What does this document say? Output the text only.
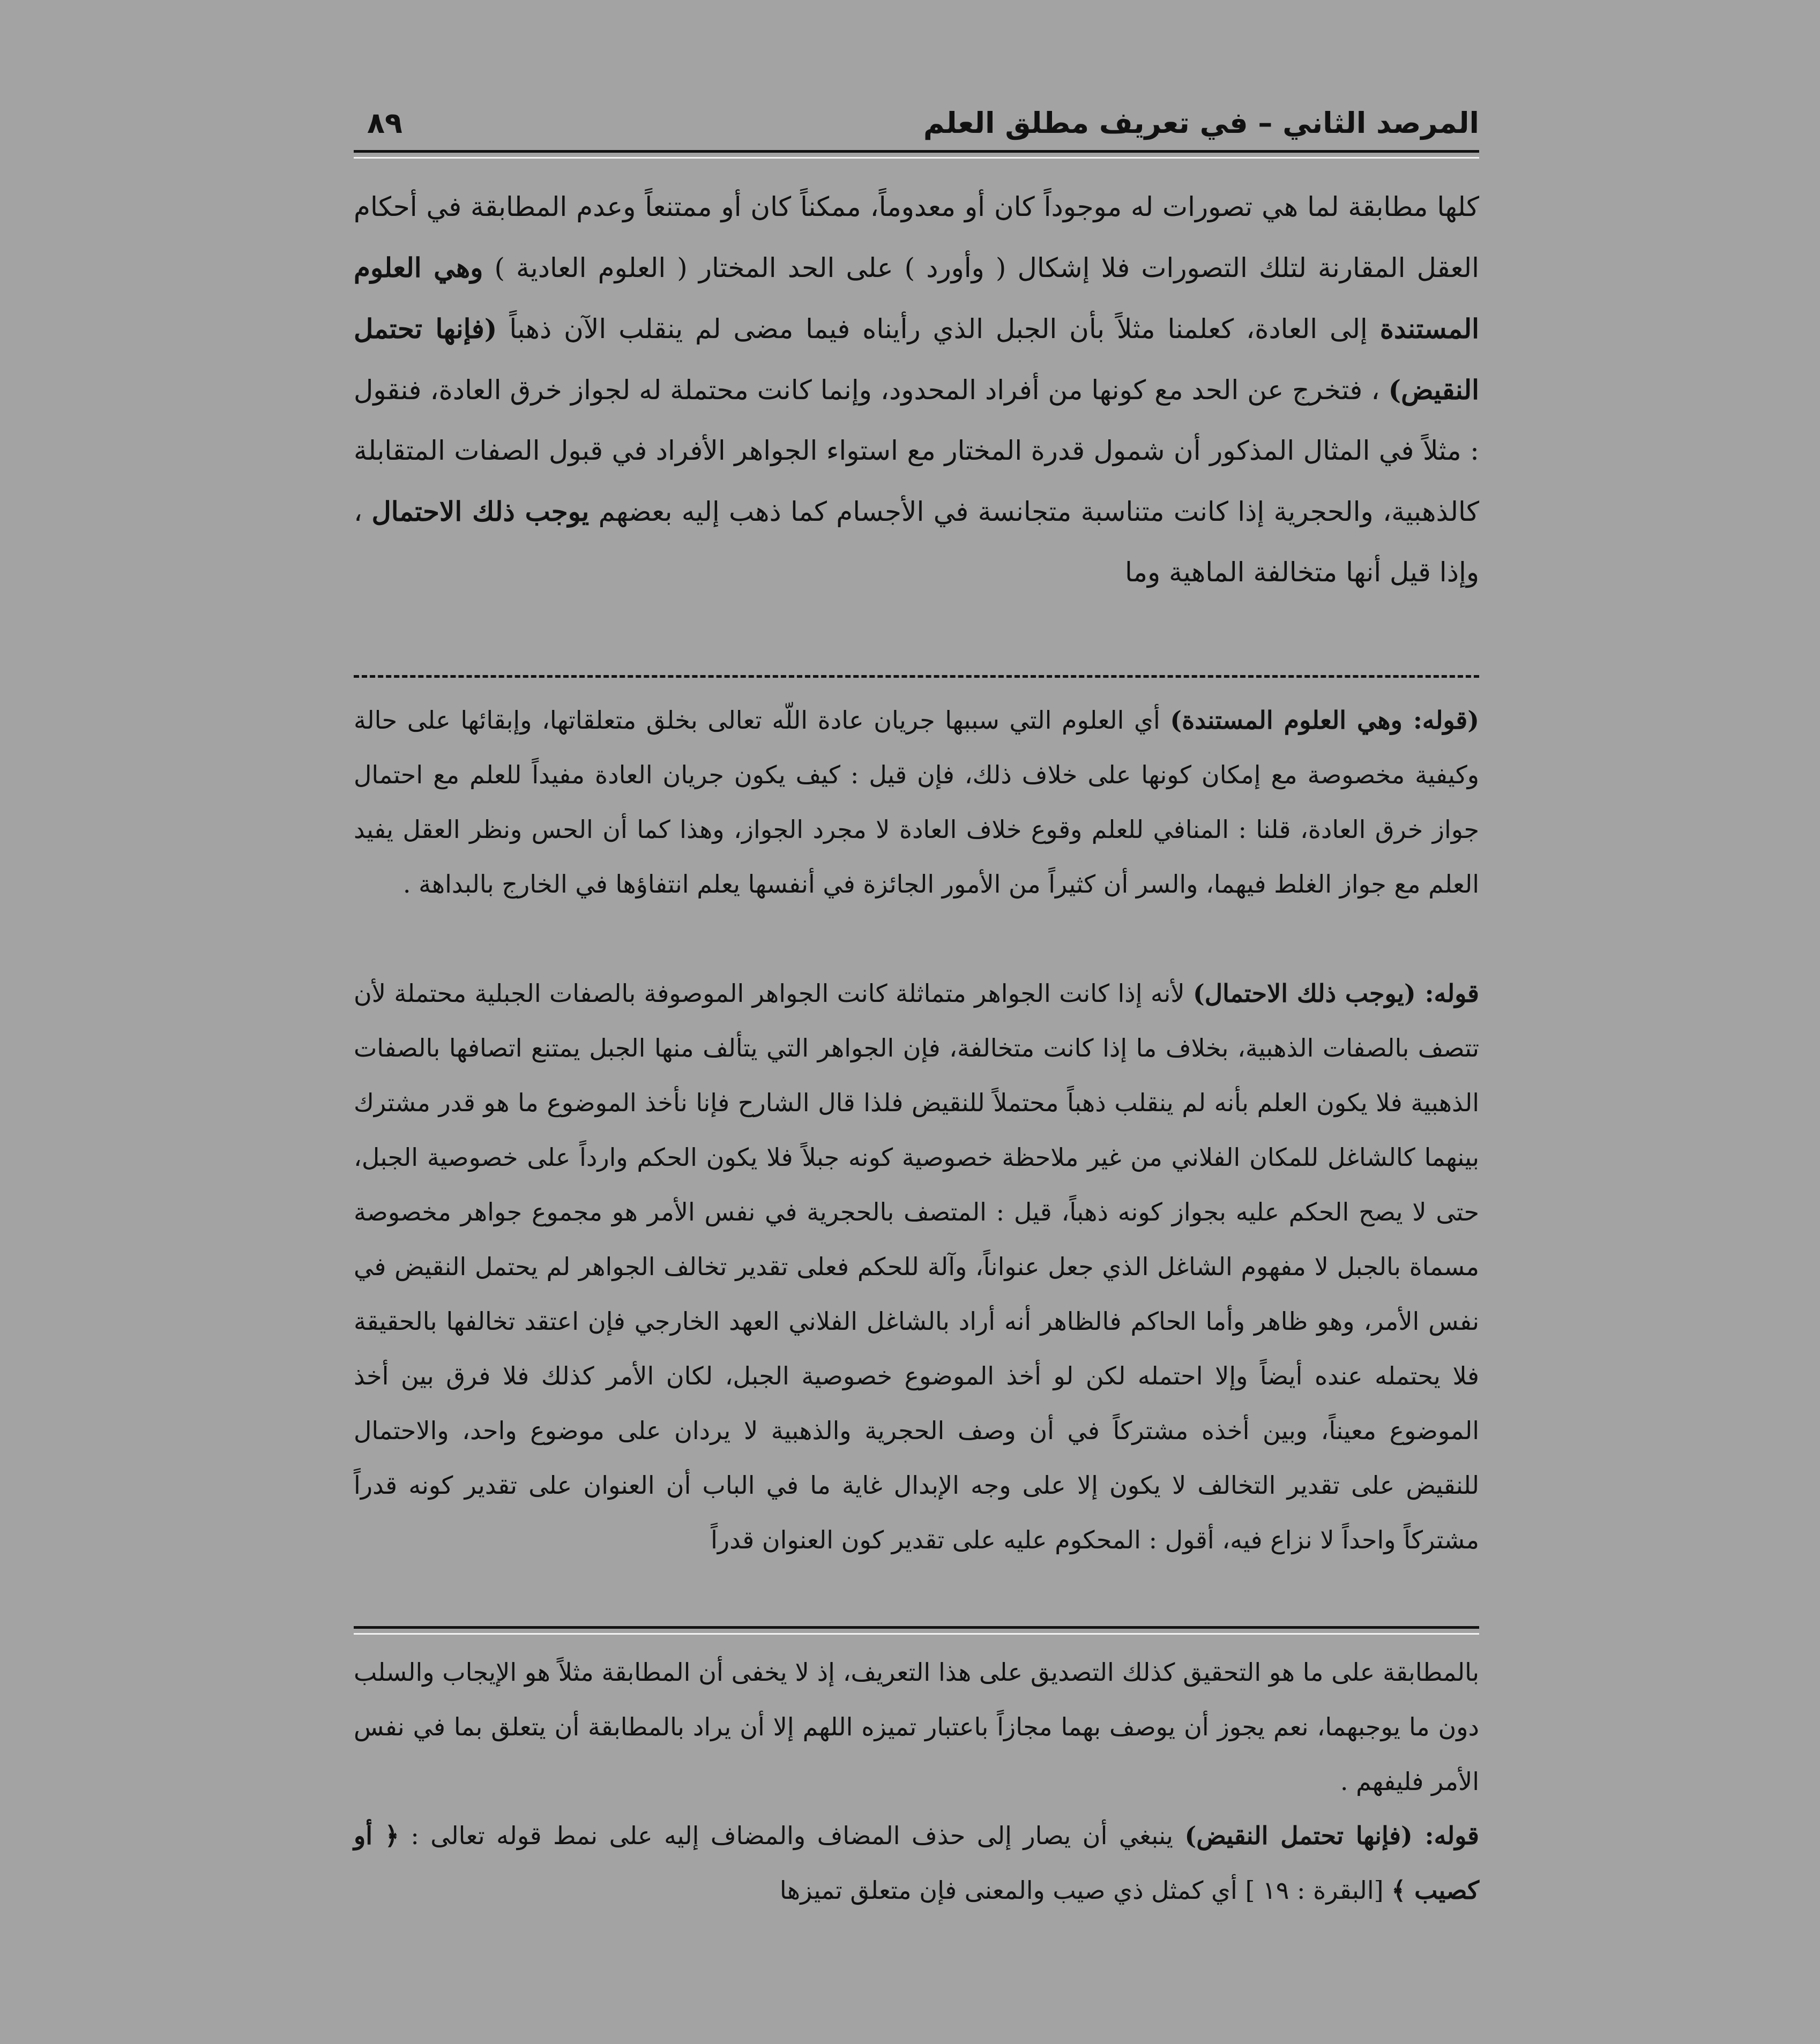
المرصد الثاني – في تعريف مطلق العلم
٨٩

كلها مطابقة لما هي تصورات له موجوداً كان أو معدوماً، ممكناً كان أو ممتنعاً وعدم المطابقة في أحكام العقل المقارنة لتلك التصورات فلا إشكال ( وأورد ) على الحد المختار ( العلوم العادية ) وهي العلوم المستندة إلى العادة، كعلمنا مثلاً بأن الجبل الذي رأيناه فيما مضى لم ينقلب الآن ذهباً (فإنها تحتمل النقيض) ، فتخرج عن الحد مع كونها من أفراد المحدود، وإنما كانت محتملة له لجواز خرق العادة، فنقول : مثلاً في المثال المذكور أن شمول قدرة المختار مع استواء الجواهر الأفراد في قبول الصفات المتقابلة كالذهبية، والحجرية إذا كانت متناسبة متجانسة في الأجسام كما ذهب إليه بعضهم يوجب ذلك الاحتمال ، وإذا قيل أنها متخالفة الماهية وما

(قوله: وهي العلوم المستندة) أي العلوم التي سببها جريان عادة اللّه تعالى بخلق متعلقاتها، وإبقائها على حالة وكيفية مخصوصة مع إمكان كونها على خلاف ذلك، فإن قيل : كيف يكون جريان العادة مفيداً للعلم مع احتمال جواز خرق العادة، قلنا : المنافي للعلم وقوع خلاف العادة لا مجرد الجواز، وهذا كما أن الحس ونظر العقل يفيد العلم مع جواز الغلط فيهما، والسر أن كثيراً من الأمور الجائزة في أنفسها يعلم انتفاؤها في الخارج بالبداهة .

قوله: (يوجب ذلك الاحتمال) لأنه إذا كانت الجواهر متماثلة كانت الجواهر الموصوفة بالصفات الجبلية محتملة لأن تتصف بالصفات الذهبية، بخلاف ما إذا كانت متخالفة، فإن الجواهر التي يتألف منها الجبل يمتنع اتصافها بالصفات الذهبية فلا يكون العلم بأنه لم ينقلب ذهباً محتملاً للنقيض فلذا قال الشارح فإنا نأخذ الموضوع ما هو قدر مشترك بينهما كالشاغل للمكان الفلاني من غير ملاحظة خصوصية كونه جبلاً فلا يكون الحكم وارداً على خصوصية الجبل، حتى لا يصح الحكم عليه بجواز كونه ذهباً، قيل : المتصف بالحجرية في نفس الأمر هو مجموع جواهر مخصوصة مسماة بالجبل لا مفهوم الشاغل الذي جعل عنواناً، وآلة للحكم فعلى تقدير تخالف الجواهر لم يحتمل النقيض في نفس الأمر، وهو ظاهر وأما الحاكم فالظاهر أنه أراد بالشاغل الفلاني العهد الخارجي فإن اعتقد تخالفها بالحقيقة فلا يحتمله عنده أيضاً وإلا احتمله لكن لو أخذ الموضوع خصوصية الجبل، لكان الأمر كذلك فلا فرق بين أخذ الموضوع معيناً، وبين أخذه مشتركاً في أن وصف الحجرية والذهبية لا يردان على موضوع واحد، والاحتمال للنقيض على تقدير التخالف لا يكون إلا على وجه الإبدال غاية ما في الباب أن العنوان على تقدير كونه قدراً مشتركاً واحداً لا نزاع فيه، أقول : المحكوم عليه على تقدير كون العنوان قدراً

بالمطابقة على ما هو التحقيق كذلك التصديق على هذا التعريف، إذ لا يخفى أن المطابقة مثلاً هو الإيجاب والسلب دون ما يوجبهما، نعم يجوز أن يوصف بهما مجازاً باعتبار تميزه اللهم إلا أن يراد بالمطابقة أن يتعلق بما في نفس الأمر فليفهم .

قوله: (فإنها تحتمل النقيض) ينبغي أن يصار إلى حذف المضاف والمضاف إليه على نمط قوله تعالى : ﴿ أو كصيب ﴾ [البقرة : ١٩ ] أي كمثل ذي صيب والمعنى فإن متعلق تميزها
